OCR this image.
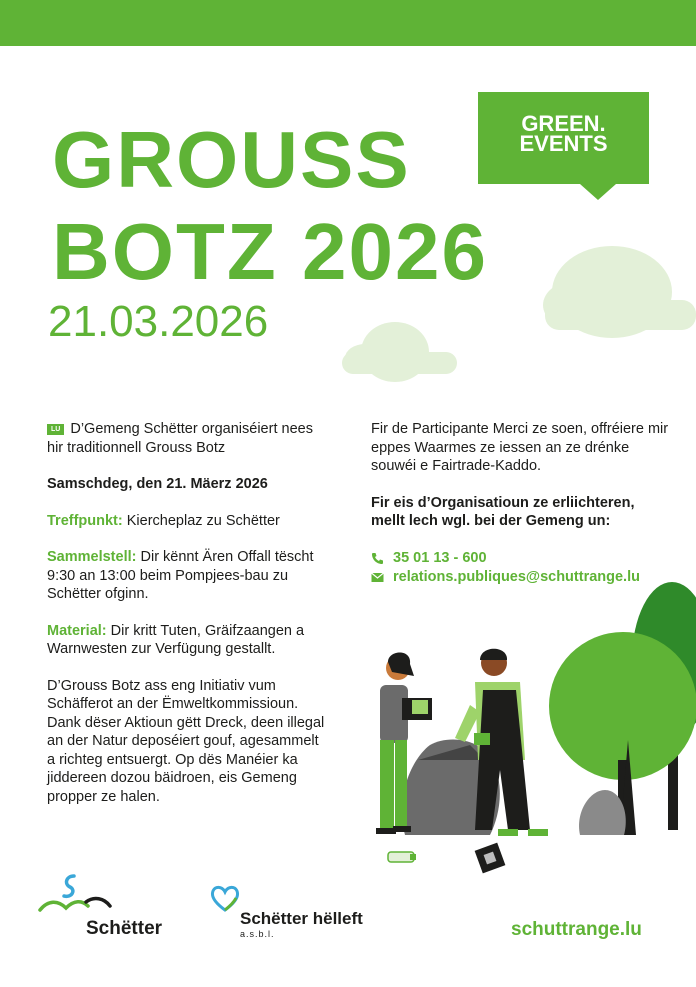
GROUSS
BOTZ 2026
21.03.2026
GREEN.
EVENTS

LU D’Gemeng Schëtter organiséiert nees hir traditionnell Grouss Botz

Samschdeg, den 21. Mäerz 2026

Treffpunkt: Kiercheplaz zu Schëtter

Sammelstell: Dir kënnt Ären Offall tëscht 9:30 an 13:00 beim Pompjees-bau zu Schëtter ofginn.

Material: Dir kritt Tuten, Gräifzaangen a Warnwesten zur Verfügung gestallt.

D’Grouss Botz ass eng Initiativ vum Schäfferot an der Ëmweltkommissioun. Dank dëser Aktioun gëtt Dreck, deen illegal an der Natur deposéiert gouf, agesammelt a richteg entsuergt. Op dës Manéier ka jiddereen dozou bäidroen, eis Gemeng propper ze halen.

Fir de Participante Merci ze soen, offréiere mir eppes Waarmes ze iessen an ze drénke souwéi e Fairtrade-Kaddo.

Fir eis d’Organisatioun ze erliichteren, mellt lech wgl. bei der Gemeng un:

35 01 13 - 600
relations.publiques@schuttrange.lu
Schëtter	Schëtter hëlleft
a.s.b.l.	schuttrange.lu
